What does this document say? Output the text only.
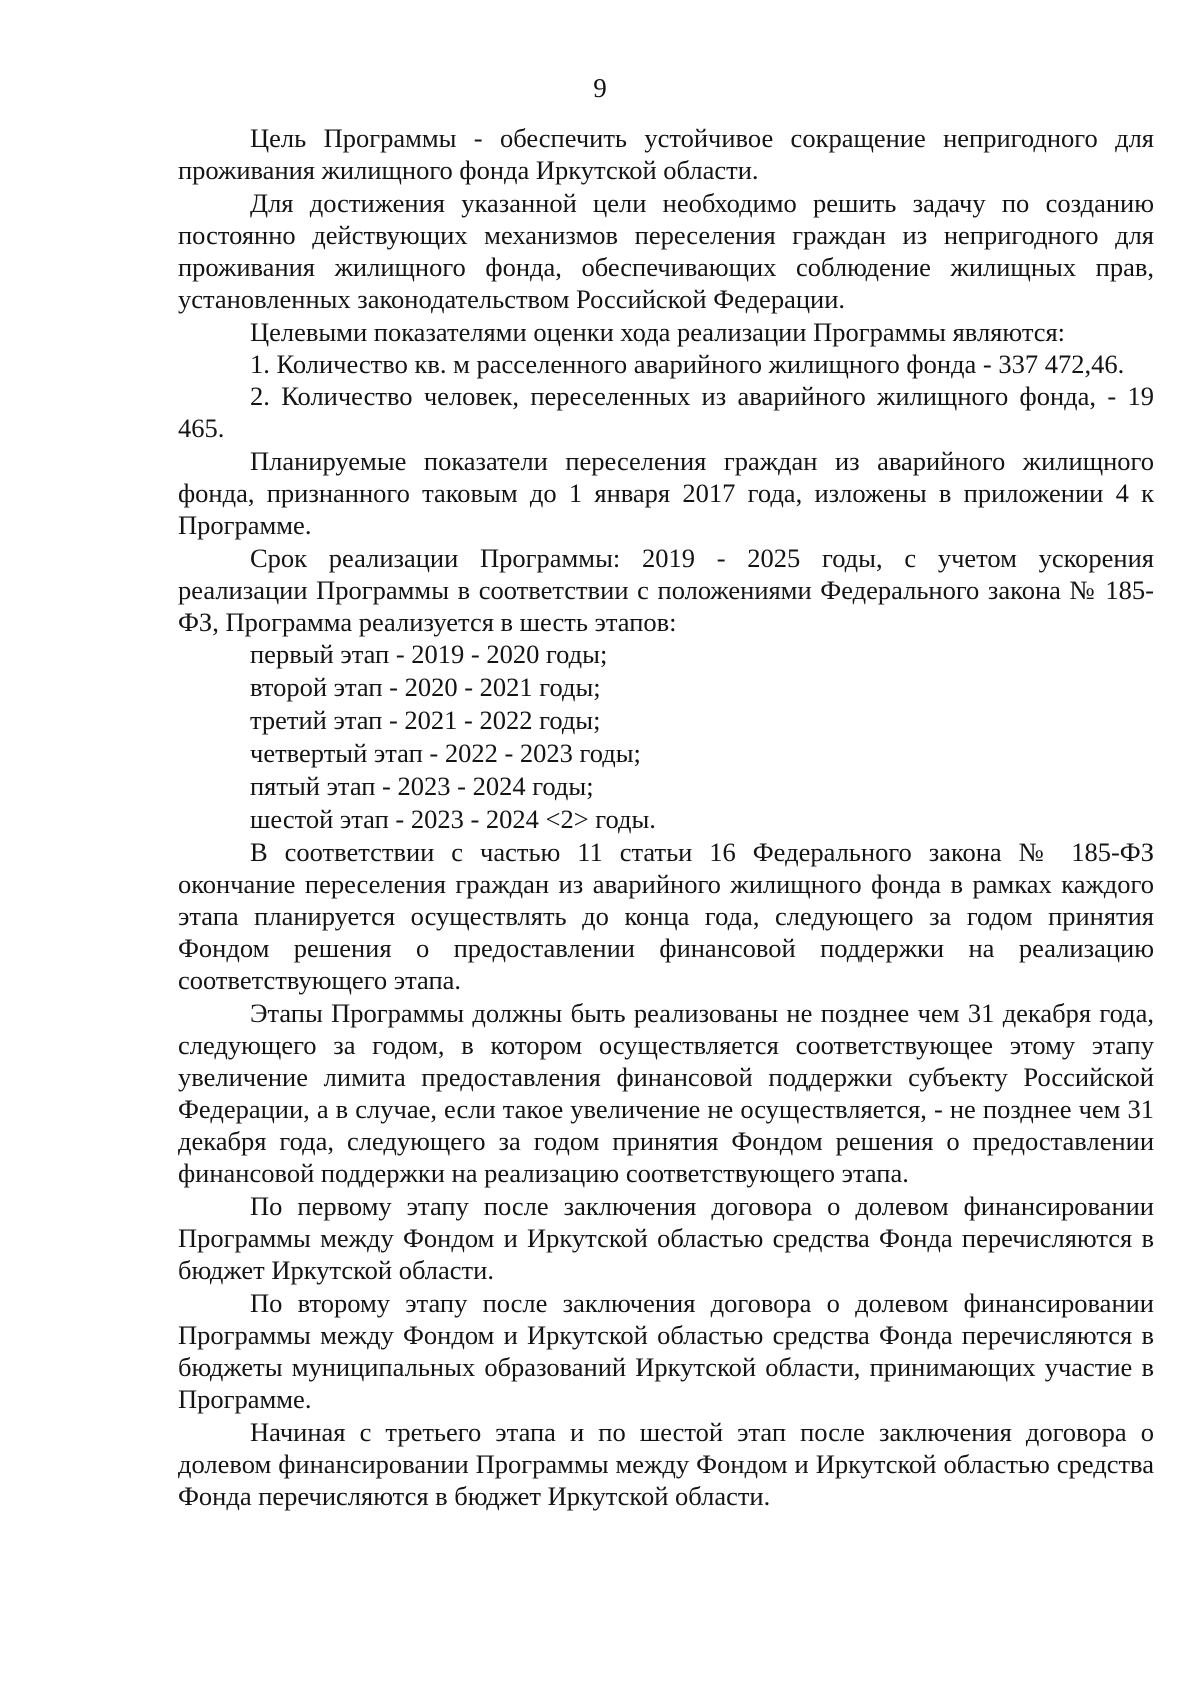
9

Цель Программы - обеспечить устойчивое сокращение непригодного для проживания жилищного фонда Иркутской области.

Для достижения указанной цели необходимо решить задачу по созданию постоянно действующих механизмов переселения граждан из непригодного для проживания жилищного фонда, обеспечивающих соблюдение жилищных прав, установленных законодательством Российской Федерации.

Целевыми показателями оценки хода реализации Программы являются:

1. Количество кв. м расселенного аварийного жилищного фонда - 337 472,46.

2. Количество человек, переселенных из аварийного жилищного фонда, - 19 465.

Планируемые показатели переселения граждан из аварийного жилищного фонда, признанного таковым до 1 января 2017 года, изложены в приложении 4 к Программе.

Срок реализации Программы: 2019 - 2025 годы, с учетом ускорения реализации Программы в соответствии с положениями Федерального закона № 185-ФЗ, Программа реализуется в шесть этапов:

первый этап - 2019 - 2020 годы;
второй этап - 2020 - 2021 годы;
третий этап - 2021 - 2022 годы;
четвертый этап - 2022 - 2023 годы;
пятый этап - 2023 - 2024 годы;
шестой этап - 2023 - 2024 <2> годы.

В соответствии с частью 11 статьи 16 Федерального закона № 185-ФЗ окончание переселения граждан из аварийного жилищного фонда в рамках каждого этапа планируется осуществлять до конца года, следующего за годом принятия Фондом решения о предоставлении финансовой поддержки на реализацию соответствующего этапа.

Этапы Программы должны быть реализованы не позднее чем 31 декабря года, следующего за годом, в котором осуществляется соответствующее этому этапу увеличение лимита предоставления финансовой поддержки субъекту Российской Федерации, а в случае, если такое увеличение не осуществляется, - не позднее чем 31 декабря года, следующего за годом принятия Фондом решения о предоставлении финансовой поддержки на реализацию соответствующего этапа.

По первому этапу после заключения договора о долевом финансировании Программы между Фондом и Иркутской областью средства Фонда перечисляются в бюджет Иркутской области.

По второму этапу после заключения договора о долевом финансировании Программы между Фондом и Иркутской областью средства Фонда перечисляются в бюджеты муниципальных образований Иркутской области, принимающих участие в Программе.

Начиная с третьего этапа и по шестой этап после заключения договора о долевом финансировании Программы между Фондом и Иркутской областью средства Фонда перечисляются в бюджет Иркутской области.
